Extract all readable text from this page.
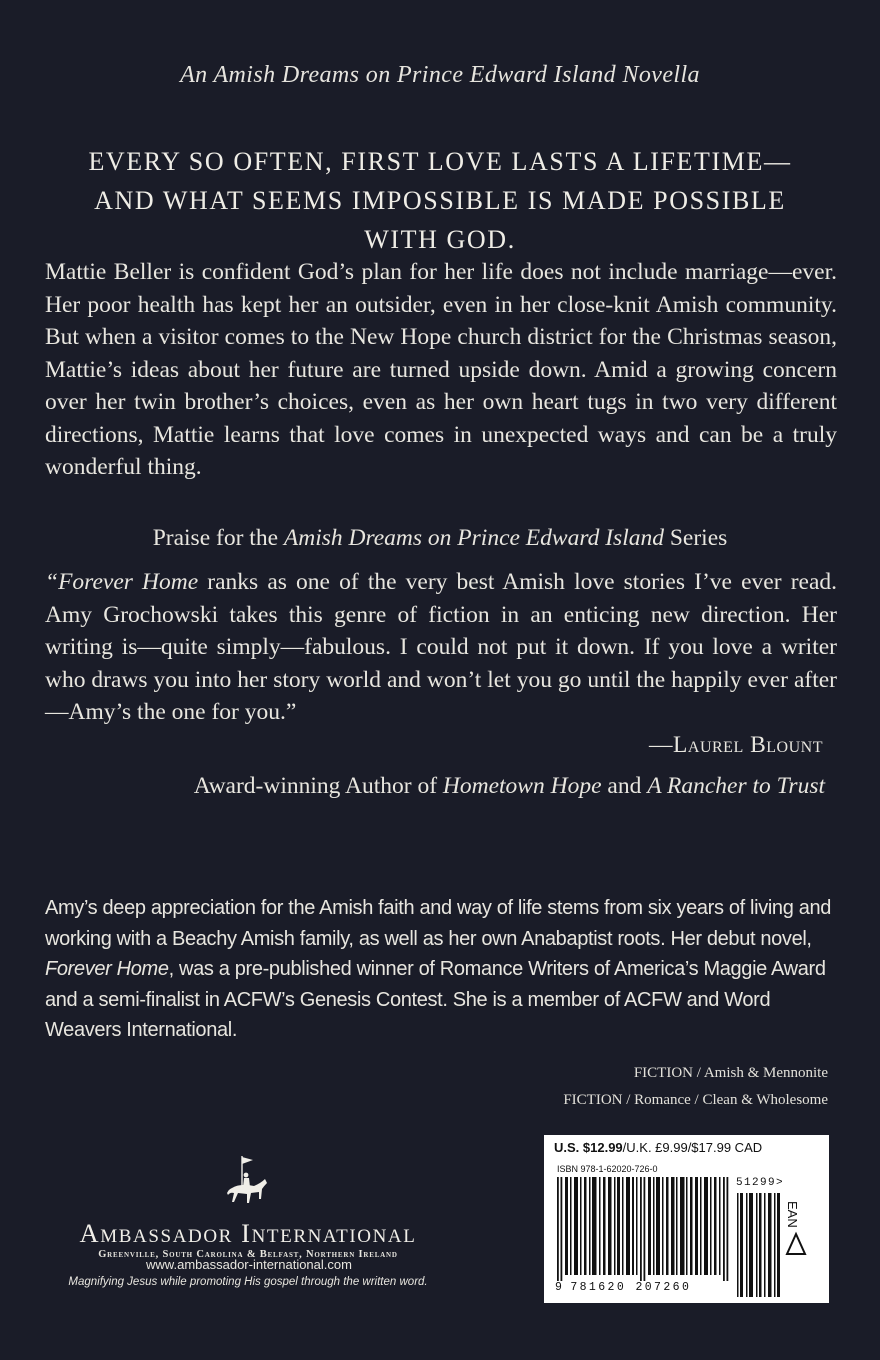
An Amish Dreams on Prince Edward Island Novella
EVERY SO OFTEN, FIRST LOVE LASTS A LIFETIME—
AND WHAT SEEMS IMPOSSIBLE IS MADE POSSIBLE
WITH GOD.
Mattie Beller is confident God’s plan for her life does not include marriage—ever. Her poor health has kept her an outsider, even in her close-knit Amish community. But when a visitor comes to the New Hope church district for the Christmas season, Mattie’s ideas about her future are turned upside down. Amid a growing concern over her twin brother’s choices, even as her own heart tugs in two very different directions, Mattie learns that love comes in unexpected ways and can be a truly wonderful thing.
Praise for the Amish Dreams on Prince Edward Island Series
“Forever Home ranks as one of the very best Amish love stories I’ve ever read. Amy Grochowski takes this genre of fiction in an enticing new direction. Her writing is—quite simply—fabulous. I could not put it down. If you love a writer who draws you into her story world and won’t let you go until the happily ever after—Amy’s the one for you.”
—Laurel Blount
Award-winning Author of Hometown Hope and A Rancher to Trust
Amy’s deep appreciation for the Amish faith and way of life stems from six years of living and working with a Beachy Amish family, as well as her own Anabaptist roots. Her debut novel, Forever Home, was a pre-published winner of Romance Writers of America’s Maggie Award and a semi-finalist in ACFW’s Genesis Contest. She is a member of ACFW and Word Weavers International.
FICTION / Amish & Mennonite
FICTION / Romance / Clean & Wholesome
Ambassador International
Greenville, South Carolina & Belfast, Northern Ireland
www.ambassador-international.com
Magnifying Jesus while promoting His gospel through the written word.
U.S. $12.99/U.K. £9.99/$17.99 CAD
ISBN 978-1-62020-726-0
9 781620 207260
51299>
EAN
